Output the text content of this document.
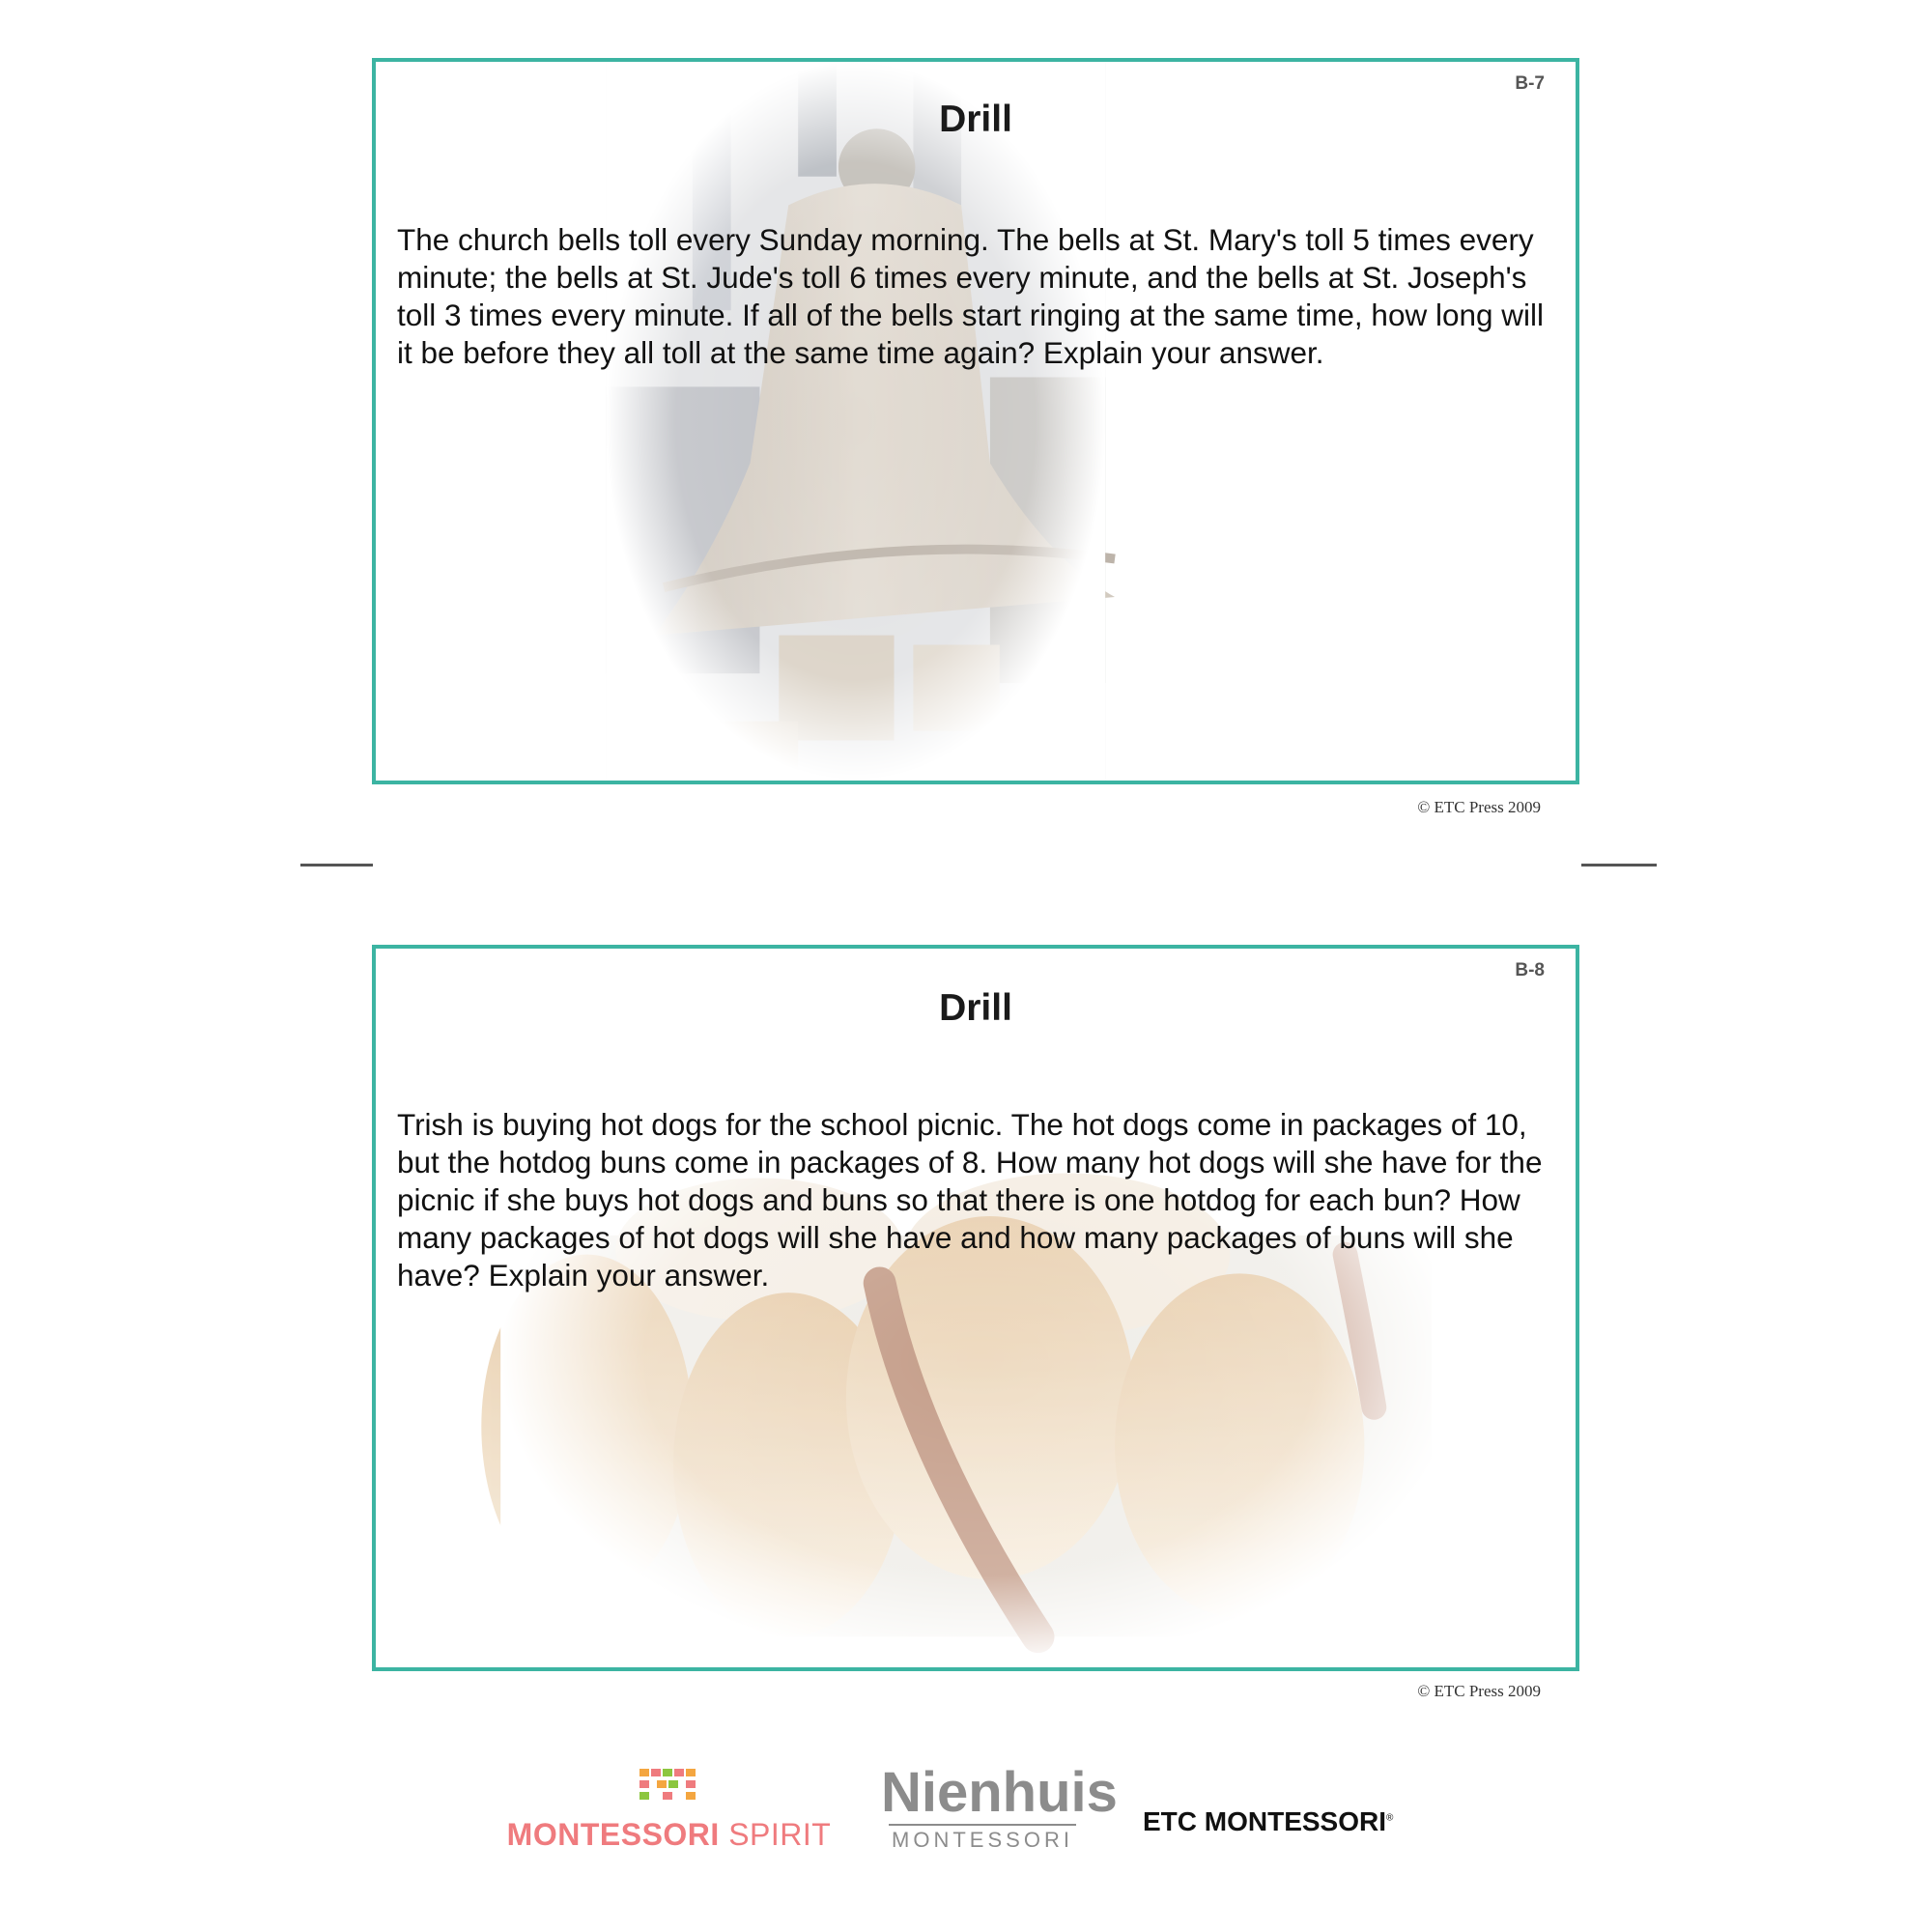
B-7
Drill

The church bells toll every Sunday morning. The bells at St. Mary's toll 5 times every minute; the bells at St. Jude's toll 6 times every minute, and the bells at St. Joseph's toll 3 times every minute. If all of the bells start ringing at the same time, how long will it be before they all toll at the same time again? Explain your answer.

© ETC Press 2009
B-8
Drill

Trish is buying hot dogs for the school picnic. The hot dogs come in packages of 10, but the hotdog buns come in packages of 8. How many hot dogs will she have for the picnic if she buys hot dogs and buns so that there is one hotdog for each bun? How many packages of hot dogs will she have and how many packages of buns will she have? Explain your answer.

© ETC Press 2009
MONTESSORI SPIRIT
Nienhuis
MONTESSORI
ETC MONTESSORI®
